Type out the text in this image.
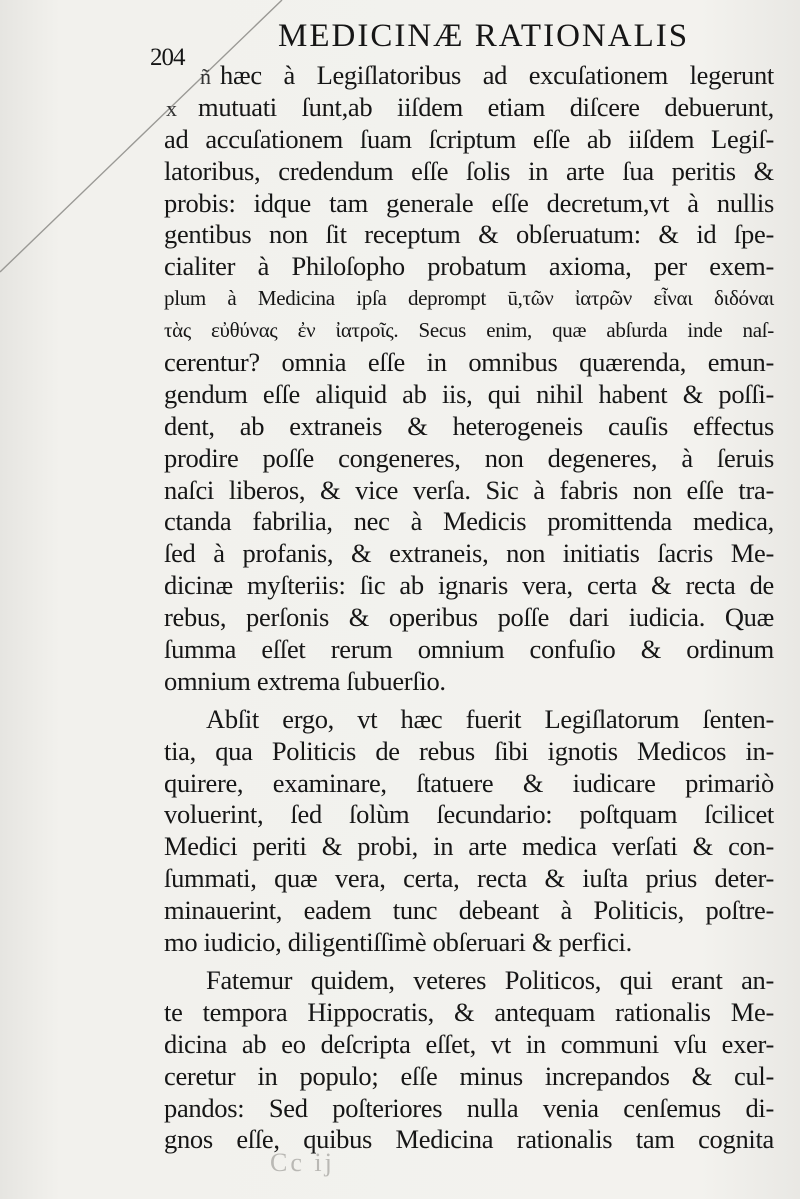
204
MEDICINÆ RATIONALIS
ñ
x
hæc à Legiſlatoribus ad excuſationem legerunt
mutuati ſunt,ab iiſdem etiam diſcere debuerunt,
ad accuſationem ſuam ſcriptum eſſe ab iiſdem Legiſ-
latoribus, credendum eſſe ſolis in arte ſua peritis &
probis: idque tam generale eſſe decretum,vt à nullis
gentibus non ſit receptum & obſeruatum: & id ſpe-
cialiter à Philoſopho probatum axioma, per exem-
plum à Medicina ipſa deprompt ū,τῶν ἰατρῶν εἶναι διδόναι
τὰς εὐθύνας ἐν ἰατροῖς. Secus enim, quæ abſurda inde naſ-
cerentur? omnia eſſe in omnibus quærenda, emun-
gendum eſſe aliquid ab iis, qui nihil habent & poſſi-
dent, ab extraneis & heterogeneis cauſis effectus
prodire poſſe congeneres, non degeneres, à ſeruis
naſci liberos, & vice verſa. Sic à fabris non eſſe tra-
ctanda fabrilia, nec à Medicis promittenda medica,
ſed à profanis, & extraneis, non initiatis ſacris Me-
dicinæ myſteriis: ſic ab ignaris vera, certa & recta de
rebus, perſonis & operibus poſſe dari iudicia. Quæ
ſumma eſſet rerum omnium confuſio & ordinum
omnium extrema ſubuerſio.
Abſit ergo, vt hæc fuerit Legiſlatorum ſenten-
tia, qua Politicis de rebus ſibi ignotis Medicos in-
quirere, examinare, ſtatuere & iudicare primariò
voluerint, ſed ſolùm ſecundario: poſtquam ſcilicet
Medici periti & probi, in arte medica verſati & con-
ſummati, quæ vera, certa, recta & iuſta prius deter-
minauerint, eadem tunc debeant à Politicis, poſtre-
mo iudicio, diligentiſſimè obſeruari & perfici.
Fatemur quidem, veteres Politicos, qui erant an-
te tempora Hippocratis, & antequam rationalis Me-
dicina ab eo deſcripta eſſet, vt in communi vſu exer-
ceretur in populo; eſſe minus increpandos & cul-
pandos: Sed poſteriores nulla venia cenſemus di-
gnos eſſe, quibus Medicina rationalis tam cognita
Cc ij
